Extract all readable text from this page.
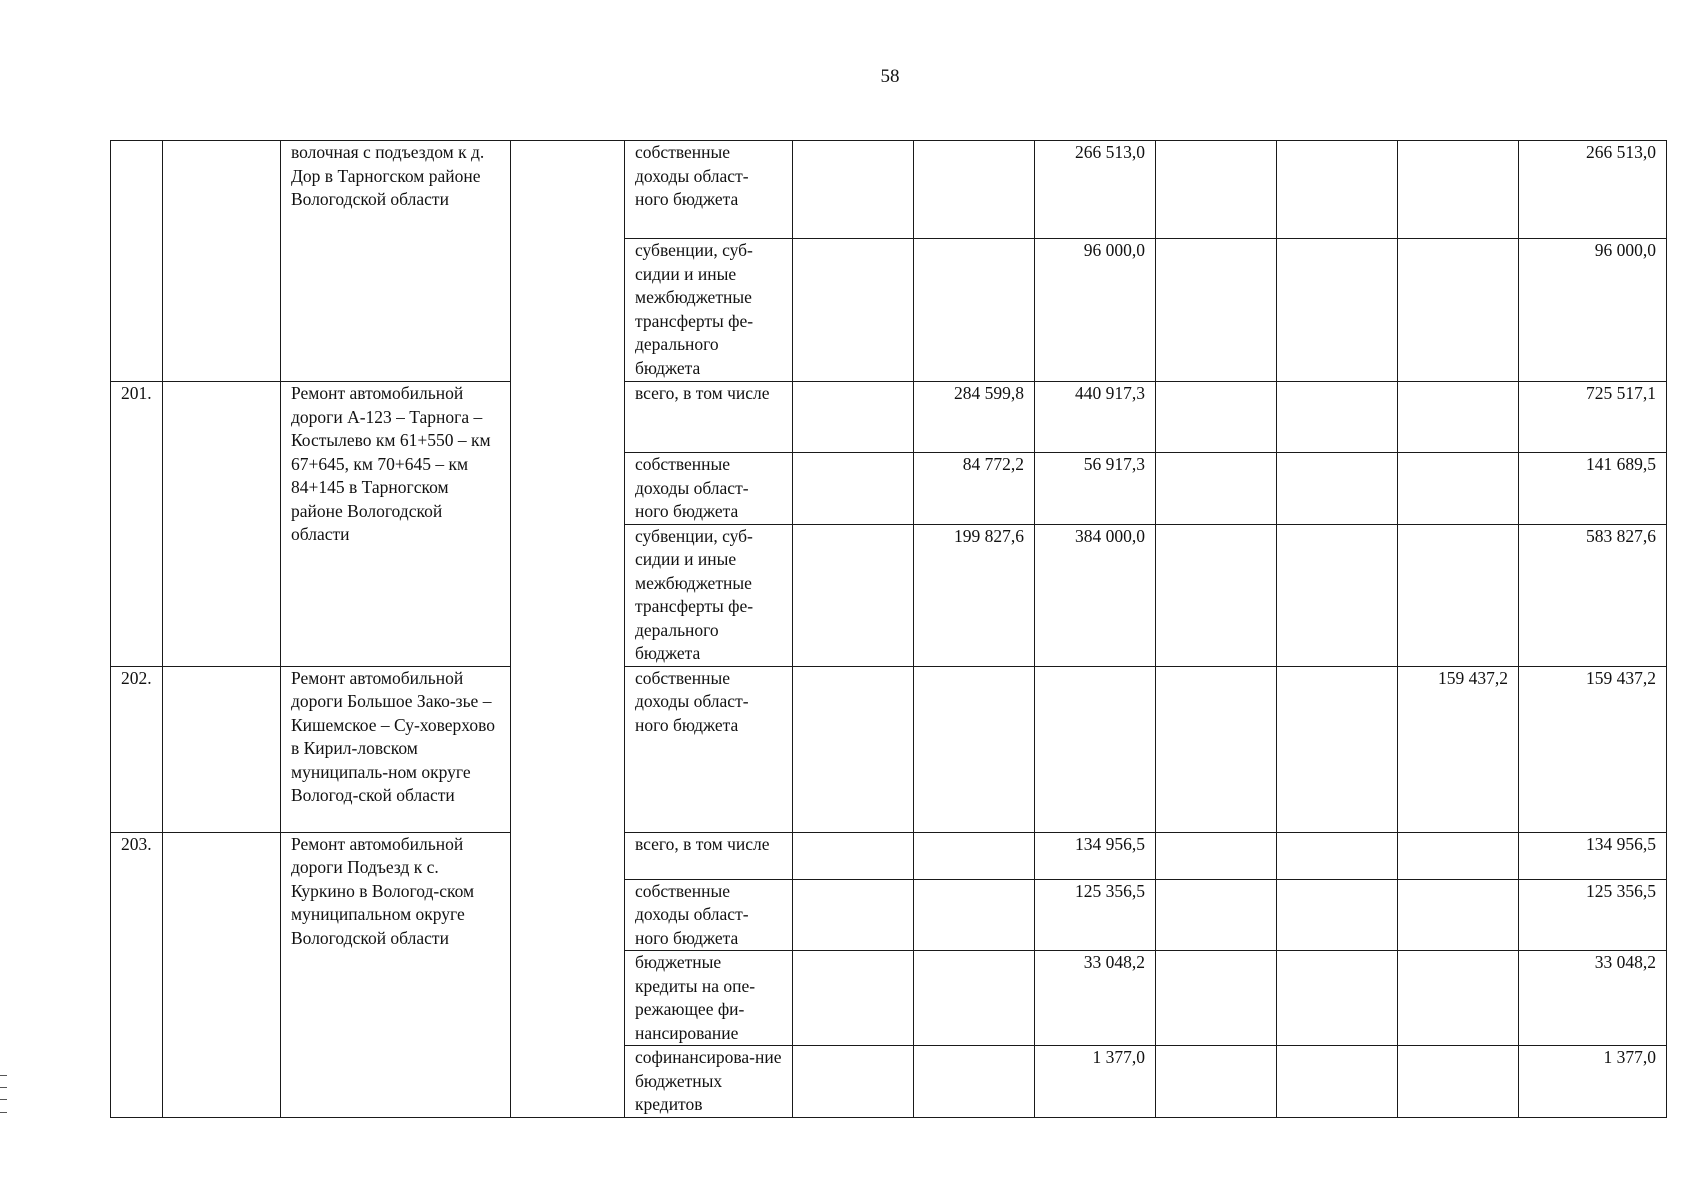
58
		волочная с подъездом к д. Дор в Тарногском районе Вологодской области		собственные доходы област-ного бюджета			266 513,0				266 513,0
				субвенции, суб-сидии и иные межбюджетные трансферты фе-дерального бюджета			96 000,0				96 000,0
201.		Ремонт автомобильной дороги А-123 – Тарнога – Костылево км 61+550 – км 67+645, км 70+645 – км 84+145 в Тарногском районе Вологодской области		всего, в том числе		284 599,8	440 917,3				725 517,1
				собственные доходы област-ного бюджета		84 772,2	56 917,3				141 689,5
				субвенции, суб-сидии и иные межбюджетные трансферты фе-дерального бюджета		199 827,6	384 000,0				583 827,6
202.		Ремонт автомобильной дороги Большое Зако-зье – Кишемское – Су-ховерхово в Кирил-ловском муниципаль-ном округе Вологод-ской области		собственные доходы област-ного бюджета						159 437,2	159 437,2
203.		Ремонт автомобильной дороги Подъезд к с. Куркино в Вологод-ском муниципальном округе Вологодской области		всего, в том числе			134 956,5				134 956,5
				собственные доходы област-ного бюджета			125 356,5				125 356,5
				бюджетные кредиты на опе-режающее фи-нансирование			33 048,2				33 048,2
				софинансирова-ние бюджетных кредитов			1 377,0				1 377,0
